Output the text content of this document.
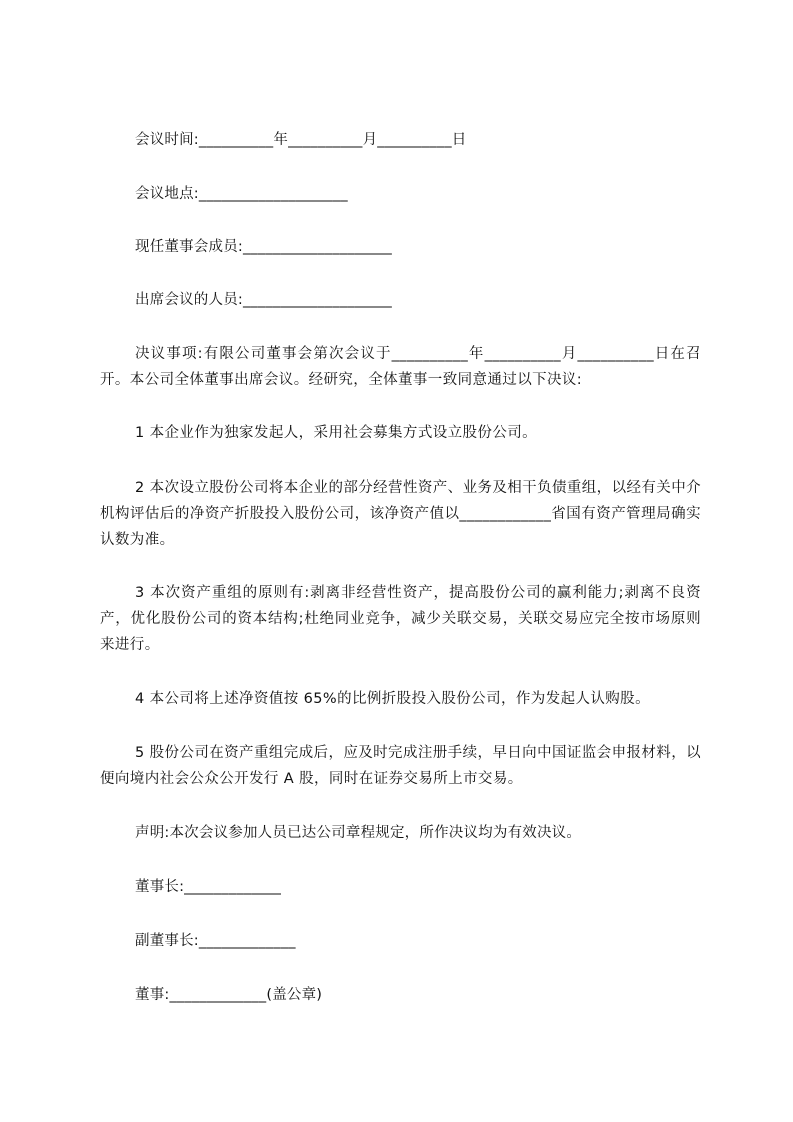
会议时间:__________年__________月__________日
会议地点:____________________
现任董事会成员:____________________
出席会议的人员:____________________
决议事项:有限公司董事会第次会议于__________年__________月__________日在召开。本公司全体董事出席会议。经研究，全体董事一致同意通过以下决议:
1 本企业作为独家发起人，采用社会募集方式设立股份公司。
2 本次设立股份公司将本企业的部分经营性资产、业务及相干负债重组，以经有关中介机构评估后的净资产折股投入股份公司，该净资产值以____________省国有资产管理局确实认数为准。
3 本次资产重组的原则有:剥离非经营性资产，提高股份公司的赢利能力;剥离不良资产，优化股份公司的资本结构;杜绝同业竞争，减少关联交易，关联交易应完全按市场原则来进行。
4 本公司将上述净资值按 65%的比例折股投入股份公司，作为发起人认购股。
5 股份公司在资产重组完成后，应及时完成注册手续，早日向中国证监会申报材料，以便向境内社会公众公开发行 A 股，同时在证券交易所上市交易。
声明:本次会议参加人员已达公司章程规定，所作决议均为有效决议。
董事长:_____________
副董事长:_____________
董事:_____________(盖公章)
